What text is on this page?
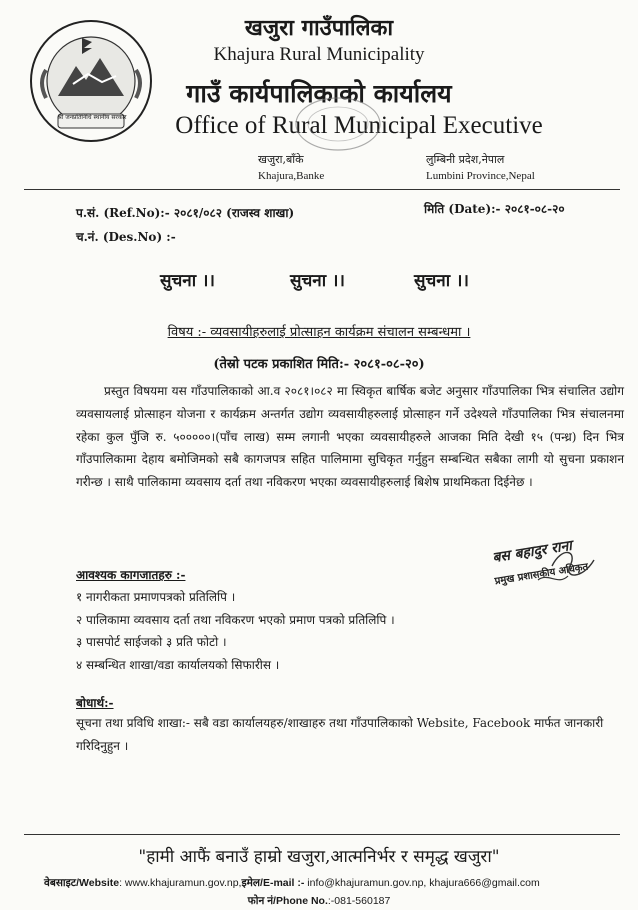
श्री जनप्रतिनिधि स्थानीय सरकार
खजुरा गाउँपालिका
Khajura Rural Municipality
गाउँ कार्यपालिकाको कार्यालय
Office of Rural Municipal Executive
खजुरा,बाँके
Khajura,Banke
लुम्बिनी प्रदेश,नेपाल
Lumbini Province,Nepal
प.सं. (Ref.No):- २०८१/०८२ (राजस्व शाखा)	मिति (Date):- २०८१-०८-२०
च.नं. (Des.No) :-
सुचना ।।	सुचना ।।	सुचना ।।
विषय :- व्यवसायीहरुलाई प्रोत्साहन कार्यक्रम संचालन सम्बन्धमा ।
(तेस्रो पटक प्रकाशित मिति:- २०८१-०८-२०)
प्रस्तुत विषयमा यस गाँउपालिकाको आ.व २०८१।०८२ मा स्विकृत बार्षिक बजेट अनुसार गाँउपालिका भित्र संचालित उद्योग व्यवसायलाई प्रोत्साहन योजना र कार्यक्रम अन्तर्गत उद्योग व्यवसायीहरुलाई प्रोत्साहन गर्ने उदेश्यले गाँउपालिका भित्र संचालनमा रहेका कुल पुँजि रु. ५०००००।(पाँच लाख) सम्म लगानी भएका व्यवसायीहरुले आजका मिति देखी १५ (पन्ध्र) दिन भित्र गाँउपालिकामा देहाय बमोजिमको सबै कागजपत्र सहित पालिमामा सुचिकृत गर्नुहुन सम्बन्धित सबैका लागी यो सुचना प्रकाशन गरीन्छ । साथै पालिकामा व्यवसाय दर्ता तथा नविकरण भएका व्यवसायीहरुलाई बिशेष प्राथमिकता दिईनेछ ।
बस बहादुर राना
प्रमुख प्रशासकीय अधिकृत
आवश्यक कागजातहरु :-
१ नागरीकता प्रमाणपत्रको प्रतिलिपि ।
२ पालिकामा व्यवसाय दर्ता तथा नविकरण भएको प्रमाण पत्रको प्रतिलिपि ।
३ पासपोर्ट साईजको ३ प्रति फोटो ।
४ सम्बन्धित शाखा/वडा कार्यालयको सिफारीस ।
बोधार्थ:-
सूचना तथा प्रविधि शाखा:- सबै वडा कार्यालयहरु/शाखाहरु तथा गाँउपालिकाको Website, Facebook मार्फत जानकारी गरिदिनुहुन ।
"हामी आफैं बनाउँ हाम्रो खजुरा,आत्मनिर्भर र समृद्ध खजुरा"
वेबसाइट/Website: www.khajuramun.gov.np,इमेल/E-mail :- info@khajuramun.gov.np, khajura666@gmail.com
फोन नं/Phone No.:-081-560187
